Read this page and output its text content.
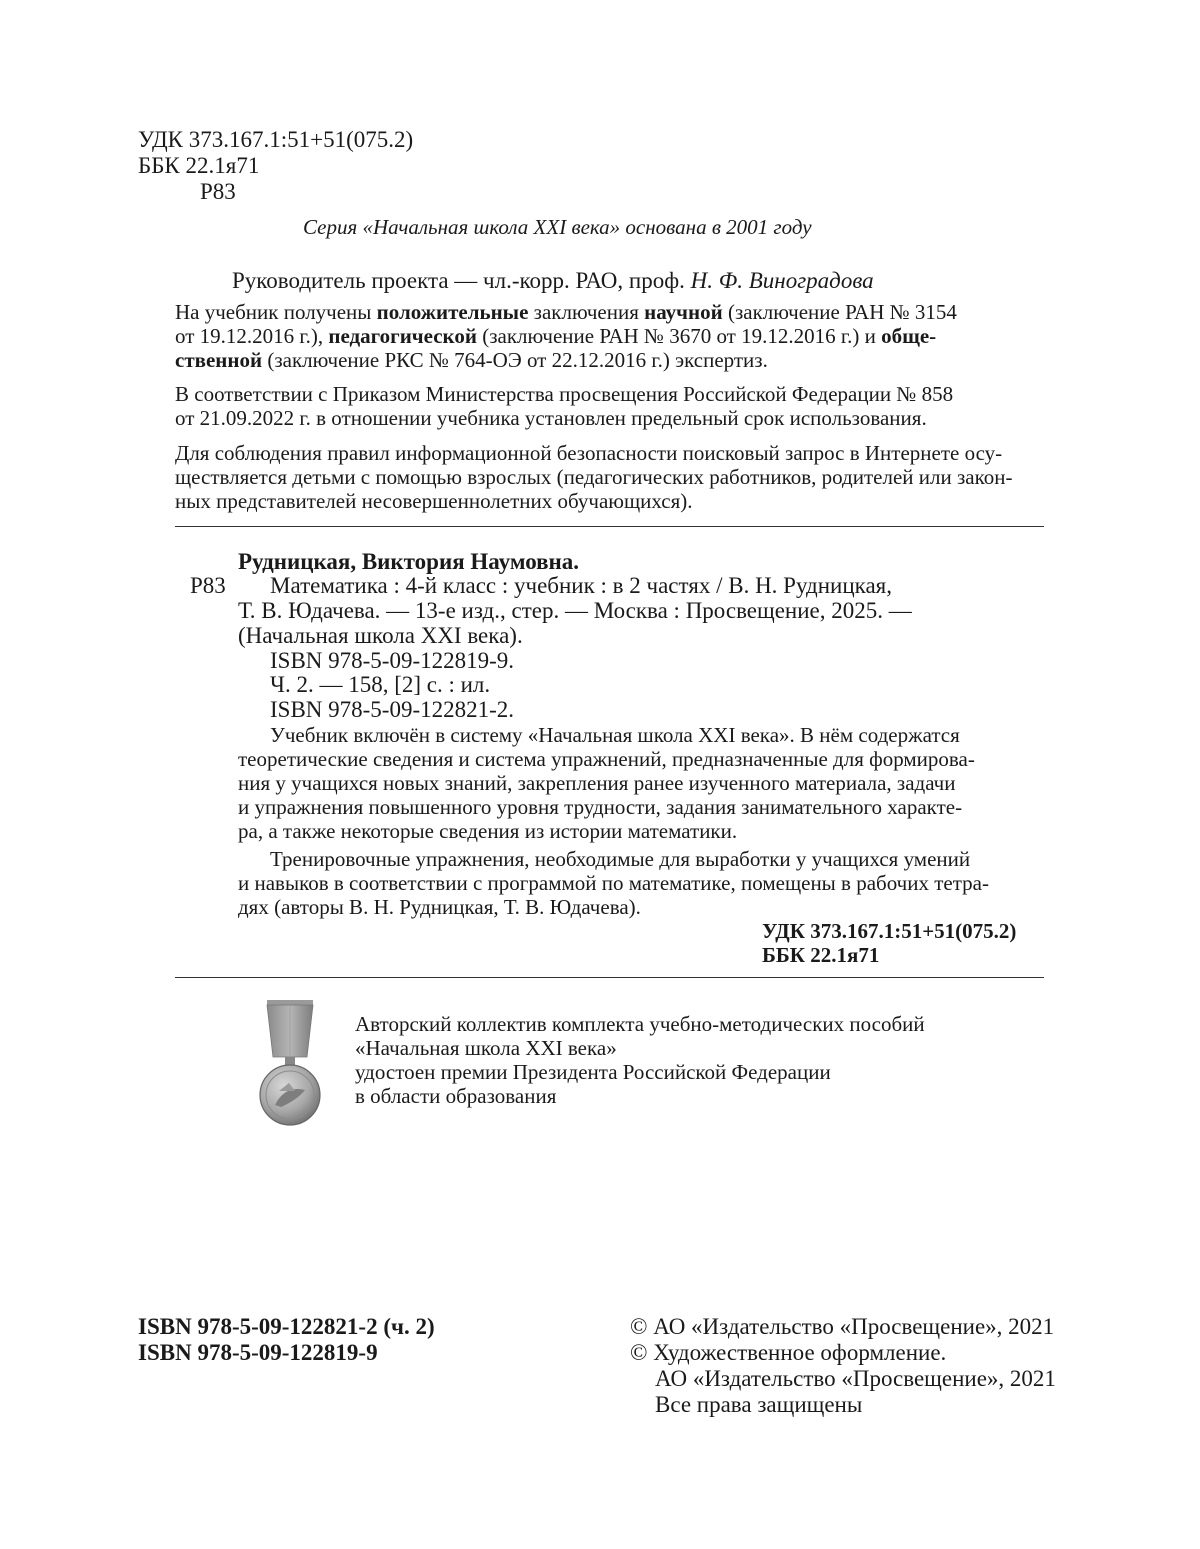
УДК 373.167.1:51+51(075.2)
ББК 22.1я71
Р83
Серия «Начальная школа XXI века» основана в 2001 году
Руководитель проекта — чл.-корр. РАО, проф. Н. Ф. Виноградова
На учебник получены положительные заключения научной (заключение РАН № 3154
от 19.12.2016 г.), педагогической (заключение РАН № 3670 от 19.12.2016 г.) и обще-
ственной (заключение РКС № 764-ОЭ от 22.12.2016 г.) экспертиз.
В соответствии с Приказом Министерства просвещения Российской Федерации № 858
от 21.09.2022 г. в отношении учебника установлен предельный срок использования.
Для соблюдения правил информационной безопасности поисковый запрос в Интернете осу-
ществляется детьми с помощью взрослых (педагогических работников, родителей или закон-
ных представителей несовершеннолетних обучающихся).
Рудницкая, Виктория Наумовна.
Р83 Математика : 4-й класс : учебник : в 2 частях / В. Н. Рудницкая,
Т. В. Юдачева. — 13-е изд., стер. — Москва : Просвещение, 2025. —
(Начальная школа XXI века).
ISBN 978-5-09-122819-9.
Ч. 2. — 158, [2] с. : ил.
ISBN 978-5-09-122821-2.
Учебник включён в систему «Начальная школа XXI века». В нём содержатся
теоретические сведения и система упражнений, предназначенные для формирова-
ния у учащихся новых знаний, закрепления ранее изученного материала, задачи
и упражнения повышенного уровня трудности, задания занимательного характе-
ра, а также некоторые сведения из истории математики.
Тренировочные упражнения, необходимые для выработки у учащихся умений
и навыков в соответствии с программой по математике, помещены в рабочих тетра-
дях (авторы В. Н. Рудницкая, Т. В. Юдачева).
УДК 373.167.1:51+51(075.2)
ББК 22.1я71
Авторский коллектив комплекта учебно-методических пособий
«Начальная школа XXI века»
удостоен премии Президента Российской Федерации
в области образования
ISBN 978-5-09-122821-2 (ч. 2)
ISBN 978-5-09-122819-9
© АО «Издательство «Просвещение», 2021
© Художественное оформление.
АО «Издательство «Просвещение», 2021
Все права защищены
